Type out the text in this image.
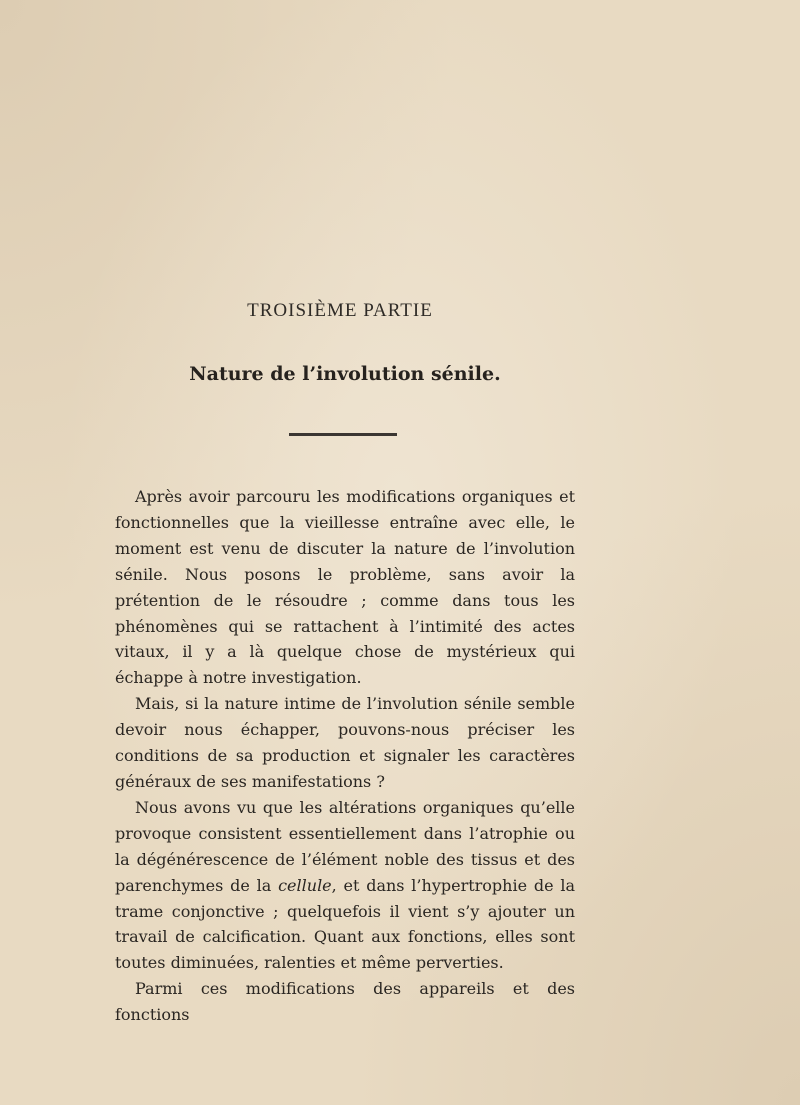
TROISIÈME PARTIE
Nature de l’involution sénile.

Après avoir parcouru les modifications organiques et fonctionnelles que la vieillesse entraîne avec elle, le moment est venu de discuter la nature de l’involution sénile. Nous posons le problème, sans avoir la prétention de le résoudre ; comme dans tous les phénomènes qui se rattachent à l’intimité des actes vitaux, il y a là quelque chose de mystérieux qui échappe à notre investigation.

Mais, si la nature intime de l’involution sénile semble devoir nous échapper, pouvons-nous préciser les conditions de sa production et signaler les caractères généraux de ses manifestations ?

Nous avons vu que les altérations organiques qu’elle provoque consistent essentiellement dans l’atrophie ou la dégénérescence de l’élément noble des tissus et des parenchymes de la cellule, et dans l’hypertrophie de la trame conjonctive ; quelquefois il vient s’y ajouter un travail de calcification. Quant aux fonctions, elles sont toutes diminuées, ralenties et même perverties.

Parmi ces modifications des appareils et des fonctions
